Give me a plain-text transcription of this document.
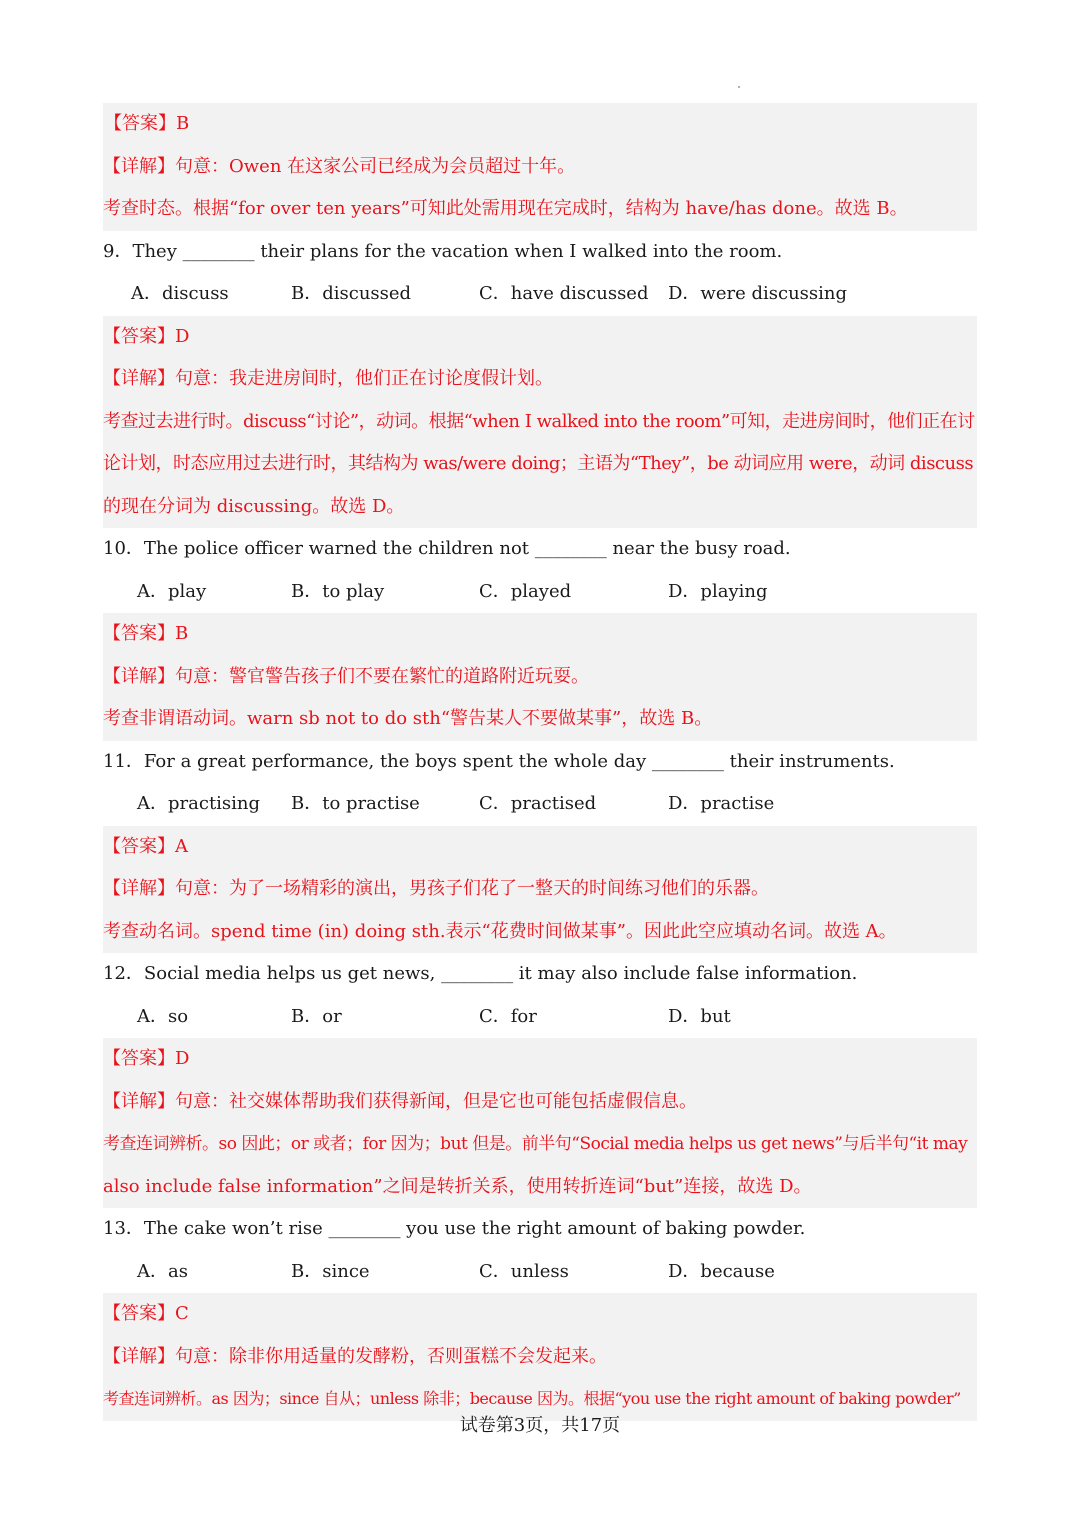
【答案】B
【详解】句意：Owen 在这家公司已经成为会员超过十年。
考查时态。根据“for over ten years”可知此处需用现在完成时，结构为 have/has done。故选 B。
9．They ________ their plans for the vacation when I walked into the room.
A．discuss	B．discussed	C．have discussed D．were discussing
【答案】D
【详解】句意：我走进房间时，他们正在讨论度假计划。
考查过去进行时。discuss“讨论”，动词。根据“when I walked into the room”可知，走进房间时，他们正在讨
论计划，时态应用过去进行时，其结构为 was/were doing；主语为“They”，be 动词应用 were，动词 discuss
的现在分词为 discussing。故选 D。
10．The police officer warned the children not ________ near the busy road.
A．play	B．to play	C．played	D．playing
【答案】B
【详解】句意：警官警告孩子们不要在繁忙的道路附近玩耍。
考查非谓语动词。warn sb not to do sth“警告某人不要做某事”，故选 B。
11．For a great performance, the boys spent the whole day ________ their instruments.
A．practising B．to practise	C．practised	D．practise
【答案】A
【详解】句意：为了一场精彩的演出，男孩子们花了一整天的时间练习他们的乐器。
考查动名词。spend time (in) doing sth.表示“花费时间做某事”。因此此空应填动名词。故选 A。
12．Social media helps us get news, ________ it may also include false information.
A．so	B．or	C．for	D．but
【答案】D
【详解】句意：社交媒体帮助我们获得新闻，但是它也可能包括虚假信息。
考查连词辨析。so 因此；or 或者；for 因为；but 但是。前半句“Social media helps us get news”与后半句“it may
also include false information”之间是转折关系，使用转折连词“but”连接，故选 D。
13．The cake won’t rise ________ you use the right amount of baking powder.
A．as	B．since	C．unless	D．because
【答案】C
【详解】句意：除非你用适量的发酵粉，否则蛋糕不会发起来。
考查连词辨析。as 因为；since 自从；unless 除非；because 因为。根据“you use the right amount of baking powder”
试卷第3页，共17页
